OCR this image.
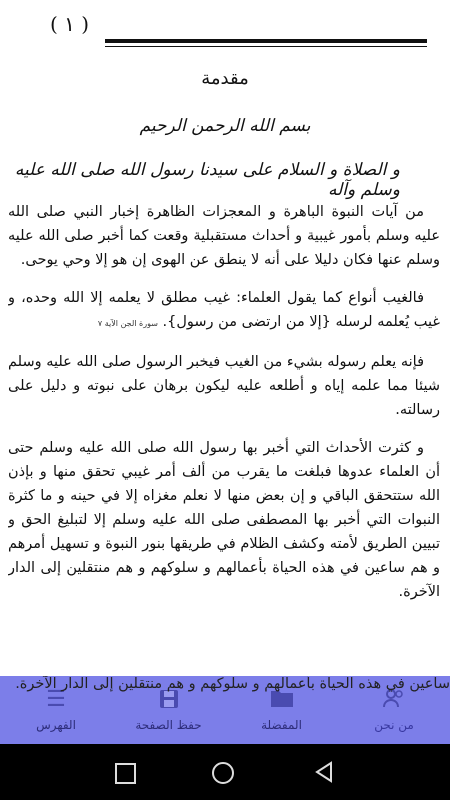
( ١ )
مقدمة
بسم الله الرحمن الرحيم
و الصلاة و السلام على سيدنا رسول الله صلى الله عليه وسلم وآله

من آيات النبوة الباهرة و المعجزات الظاهرة إخبار النبي صلى الله عليه وسلم بأمور غيبية و أحداث مستقبلية وقعت كما أخبر صلى الله عليه وسلم عنها فكان دليلا على أنه لا ينطق عن الهوى إن هو إلا وحي يوحى.

فالغيب أنواع كما يقول العلماء: غيب مطلق لا يعلمه إلا الله وحده، و غيب يُعلمه لرسله {إلا من ارتضى من رسول}. سورة الجن الآية ٧

فإنه يعلم رسوله بشيء من الغيب فيخبر الرسول صلى الله عليه وسلم شيئا مما علمه إياه و أطلعه عليه ليكون برهان على نبوته و دليل على رسالته.

و كثرت الأحداث التي أخبر بها رسول الله صلى الله عليه وسلم حتى أن العلماء عدوها فبلغت ما يقرب من ألف أمر غيبي تحقق منها و بإذن الله ستتحقق الباقي و إن بعض منها لا نعلم مغزاه إلا في حينه و ما كثرة النبوات التي أخبر بها المصطفى صلى الله عليه وسلم إلا لتبليغ الحق و تبيين الطريق لأمته وكشف الظلام في طريقها بنور النبوة و تسهيل أمرهم و هم ساعين في هذه الحياة بأعمالهم و سلوكهم و هم منتقلين إلى الدار الآخرة.

☰
الفهرس	حفظ الصفحة	المفضلة	من نحن
ساعين في هذه الحياة بأعمالهم و سلوكهم و هم منتقلين إلى الدار الآخرة.
